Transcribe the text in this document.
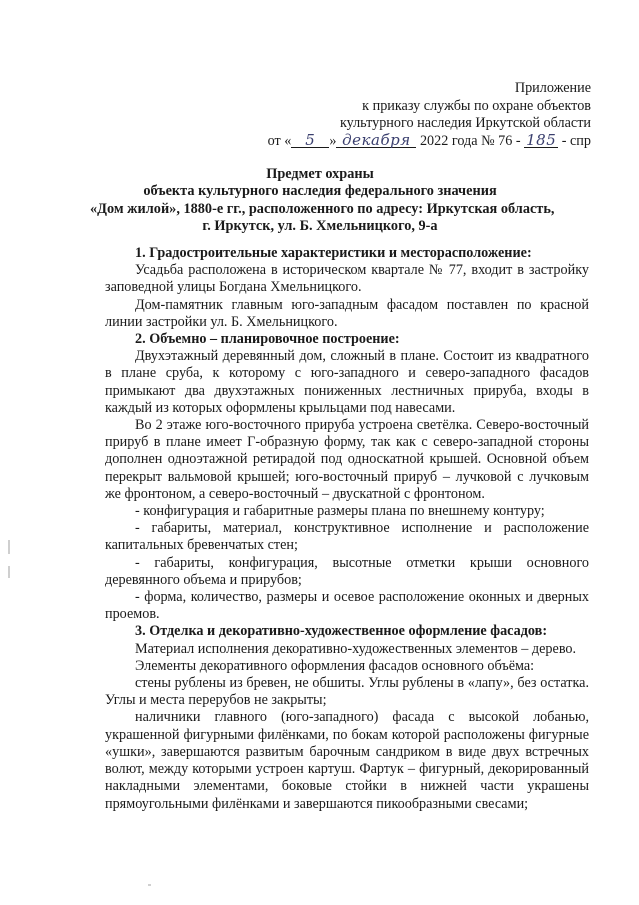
Приложение
к приказу службы по охране объектов
культурного наследия Иркутской области
от « 5 » декабря 2022 года № 76 - 185 - спр
Предмет охраны
объекта культурного наследия федерального значения
«Дом жилой», 1880-е гг., расположенного по адресу: Иркутская область,
г. Иркутск, ул. Б. Хмельницкого, 9-а

1. Градостроительные характеристики и месторасположение:

Усадьба расположена в историческом квартале № 77, входит в застройку заповедной улицы Богдана Хмельницкого.

Дом-памятник главным юго-западным фасадом поставлен по красной линии застройки ул. Б. Хмельницкого.

2. Объемно – планировочное построение:

Двухэтажный деревянный дом, сложный в плане. Состоит из квадратного в плане сруба, к которому с юго-западного и северо-западного фасадов примыкают два двухэтажных пониженных лестничных прирубa, входы в каждый из которых оформлены крыльцами под навесами.

Во 2 этаже юго-восточного прируба устроена светёлка. Северо-восточный прируб в плане имеет Г-образную форму, так как с северо-западной стороны дополнен одноэтажной ретирадой под односкатной крышей. Основной объем перекрыт вальмовой крышей; юго-восточный прируб – лучковой с лучковым же фронтоном, а северо-восточный – двускатной с фронтоном.

- конфигурация и габаритные размеры плана по внешнему контуру;

- габариты, материал, конструктивное исполнение и расположение капитальных бревенчатых стен;

- габариты, конфигурация, высотные отметки крыши основного деревянного объема и прирубов;

- форма, количество, размеры и осевое расположение оконных и дверных проемов.

3. Отделка и декоративно-художественное оформление фасадов:

Материал исполнения декоративно-художественных элементов – дерево.

Элементы декоративного оформления фасадов основного объёма:

стены рублены из бревен, не обшиты. Углы рублены в «лапу», без остатка. Углы и места перерубов не закрыты;

наличники главного (юго-западного) фасада с высокой лобанью, украшенной фигурными филёнками, по бокам которой расположены фигурные «ушки», завершаются развитым барочным сандриком в виде двух встречных волют, между которыми устроен картуш. Фартук – фигурный, декорированный накладными элементами, боковые стойки в нижней части украшены прямоугольными филёнками и завершаются пикообразными свесами;
